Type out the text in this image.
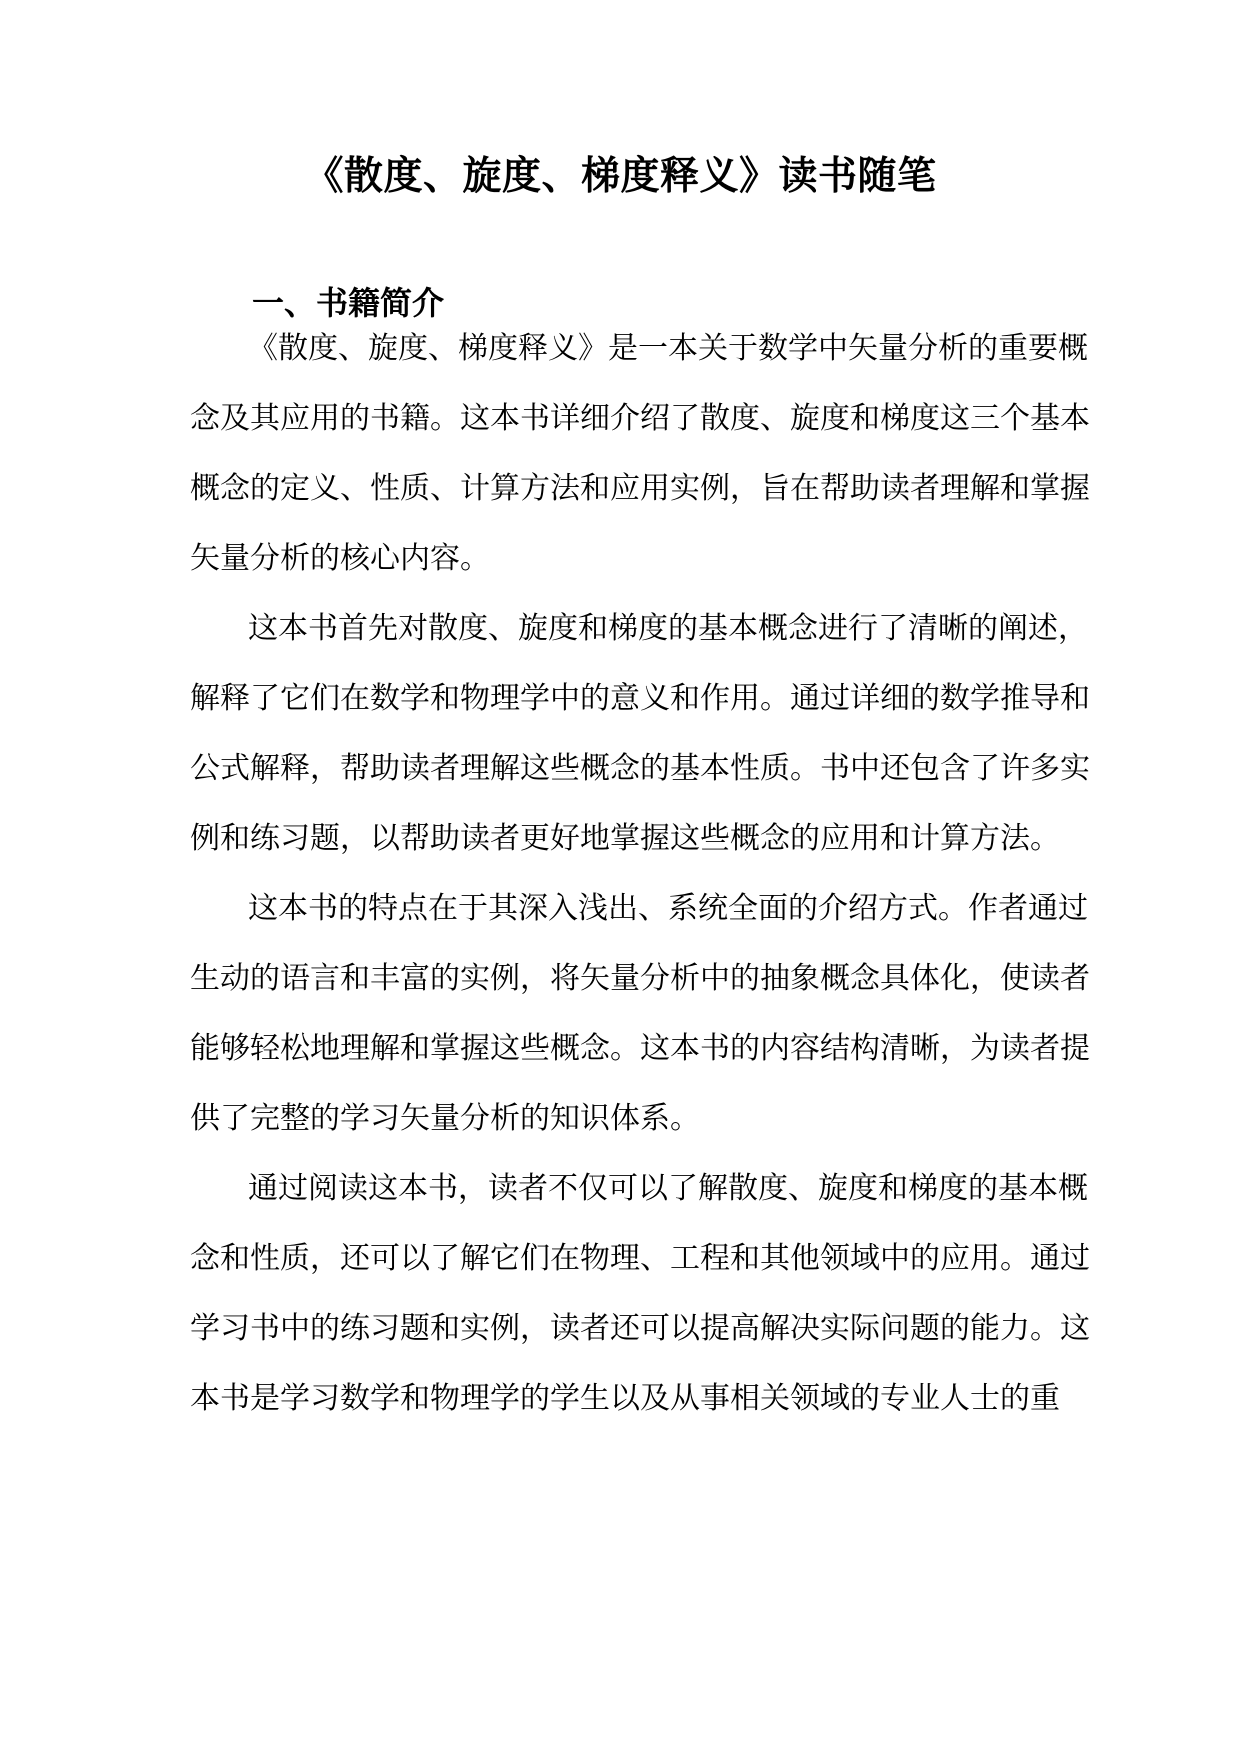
《散度、旋度、梯度释义》读书随笔
一、书籍简介
《散度、旋度、梯度释义》是一本关于数学中矢量分析的重要概
念及其应用的书籍。这本书详细介绍了散度、旋度和梯度这三个基本
概念的定义、性质、计算方法和应用实例，旨在帮助读者理解和掌握
矢量分析的核心内容。
这本书首先对散度、旋度和梯度的基本概念进行了清晰的阐述，
解释了它们在数学和物理学中的意义和作用。通过详细的数学推导和
公式解释，帮助读者理解这些概念的基本性质。书中还包含了许多实
例和练习题，以帮助读者更好地掌握这些概念的应用和计算方法。
这本书的特点在于其深入浅出、系统全面的介绍方式。作者通过
生动的语言和丰富的实例，将矢量分析中的抽象概念具体化，使读者
能够轻松地理解和掌握这些概念。这本书的内容结构清晰，为读者提
供了完整的学习矢量分析的知识体系。
通过阅读这本书，读者不仅可以了解散度、旋度和梯度的基本概
念和性质，还可以了解它们在物理、工程和其他领域中的应用。通过
学习书中的练习题和实例，读者还可以提高解决实际问题的能力。这
本书是学习数学和物理学的学生以及从事相关领域的专业人士的重
